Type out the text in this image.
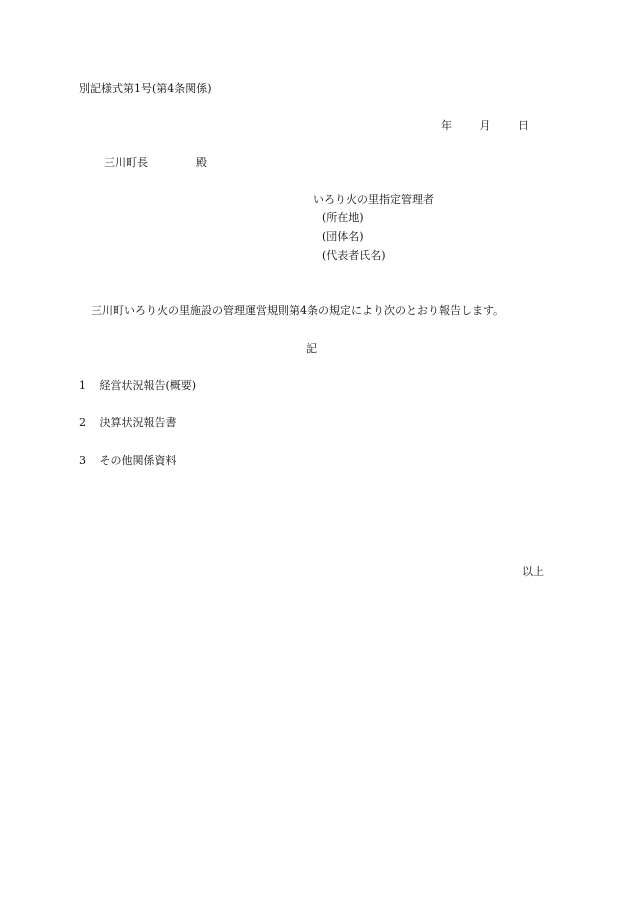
別記様式第1号(第4条関係)
年	月	日
三川町長	殿
いろり火の里指定管理者
(所在地)
(団体名)
(代表者氏名)
三川町いろり火の里施設の管理運営規則第4条の規定により次のとおり報告します。
記
1 経営状況報告(概要)
2 決算状況報告書
3 その他関係資料
以上
